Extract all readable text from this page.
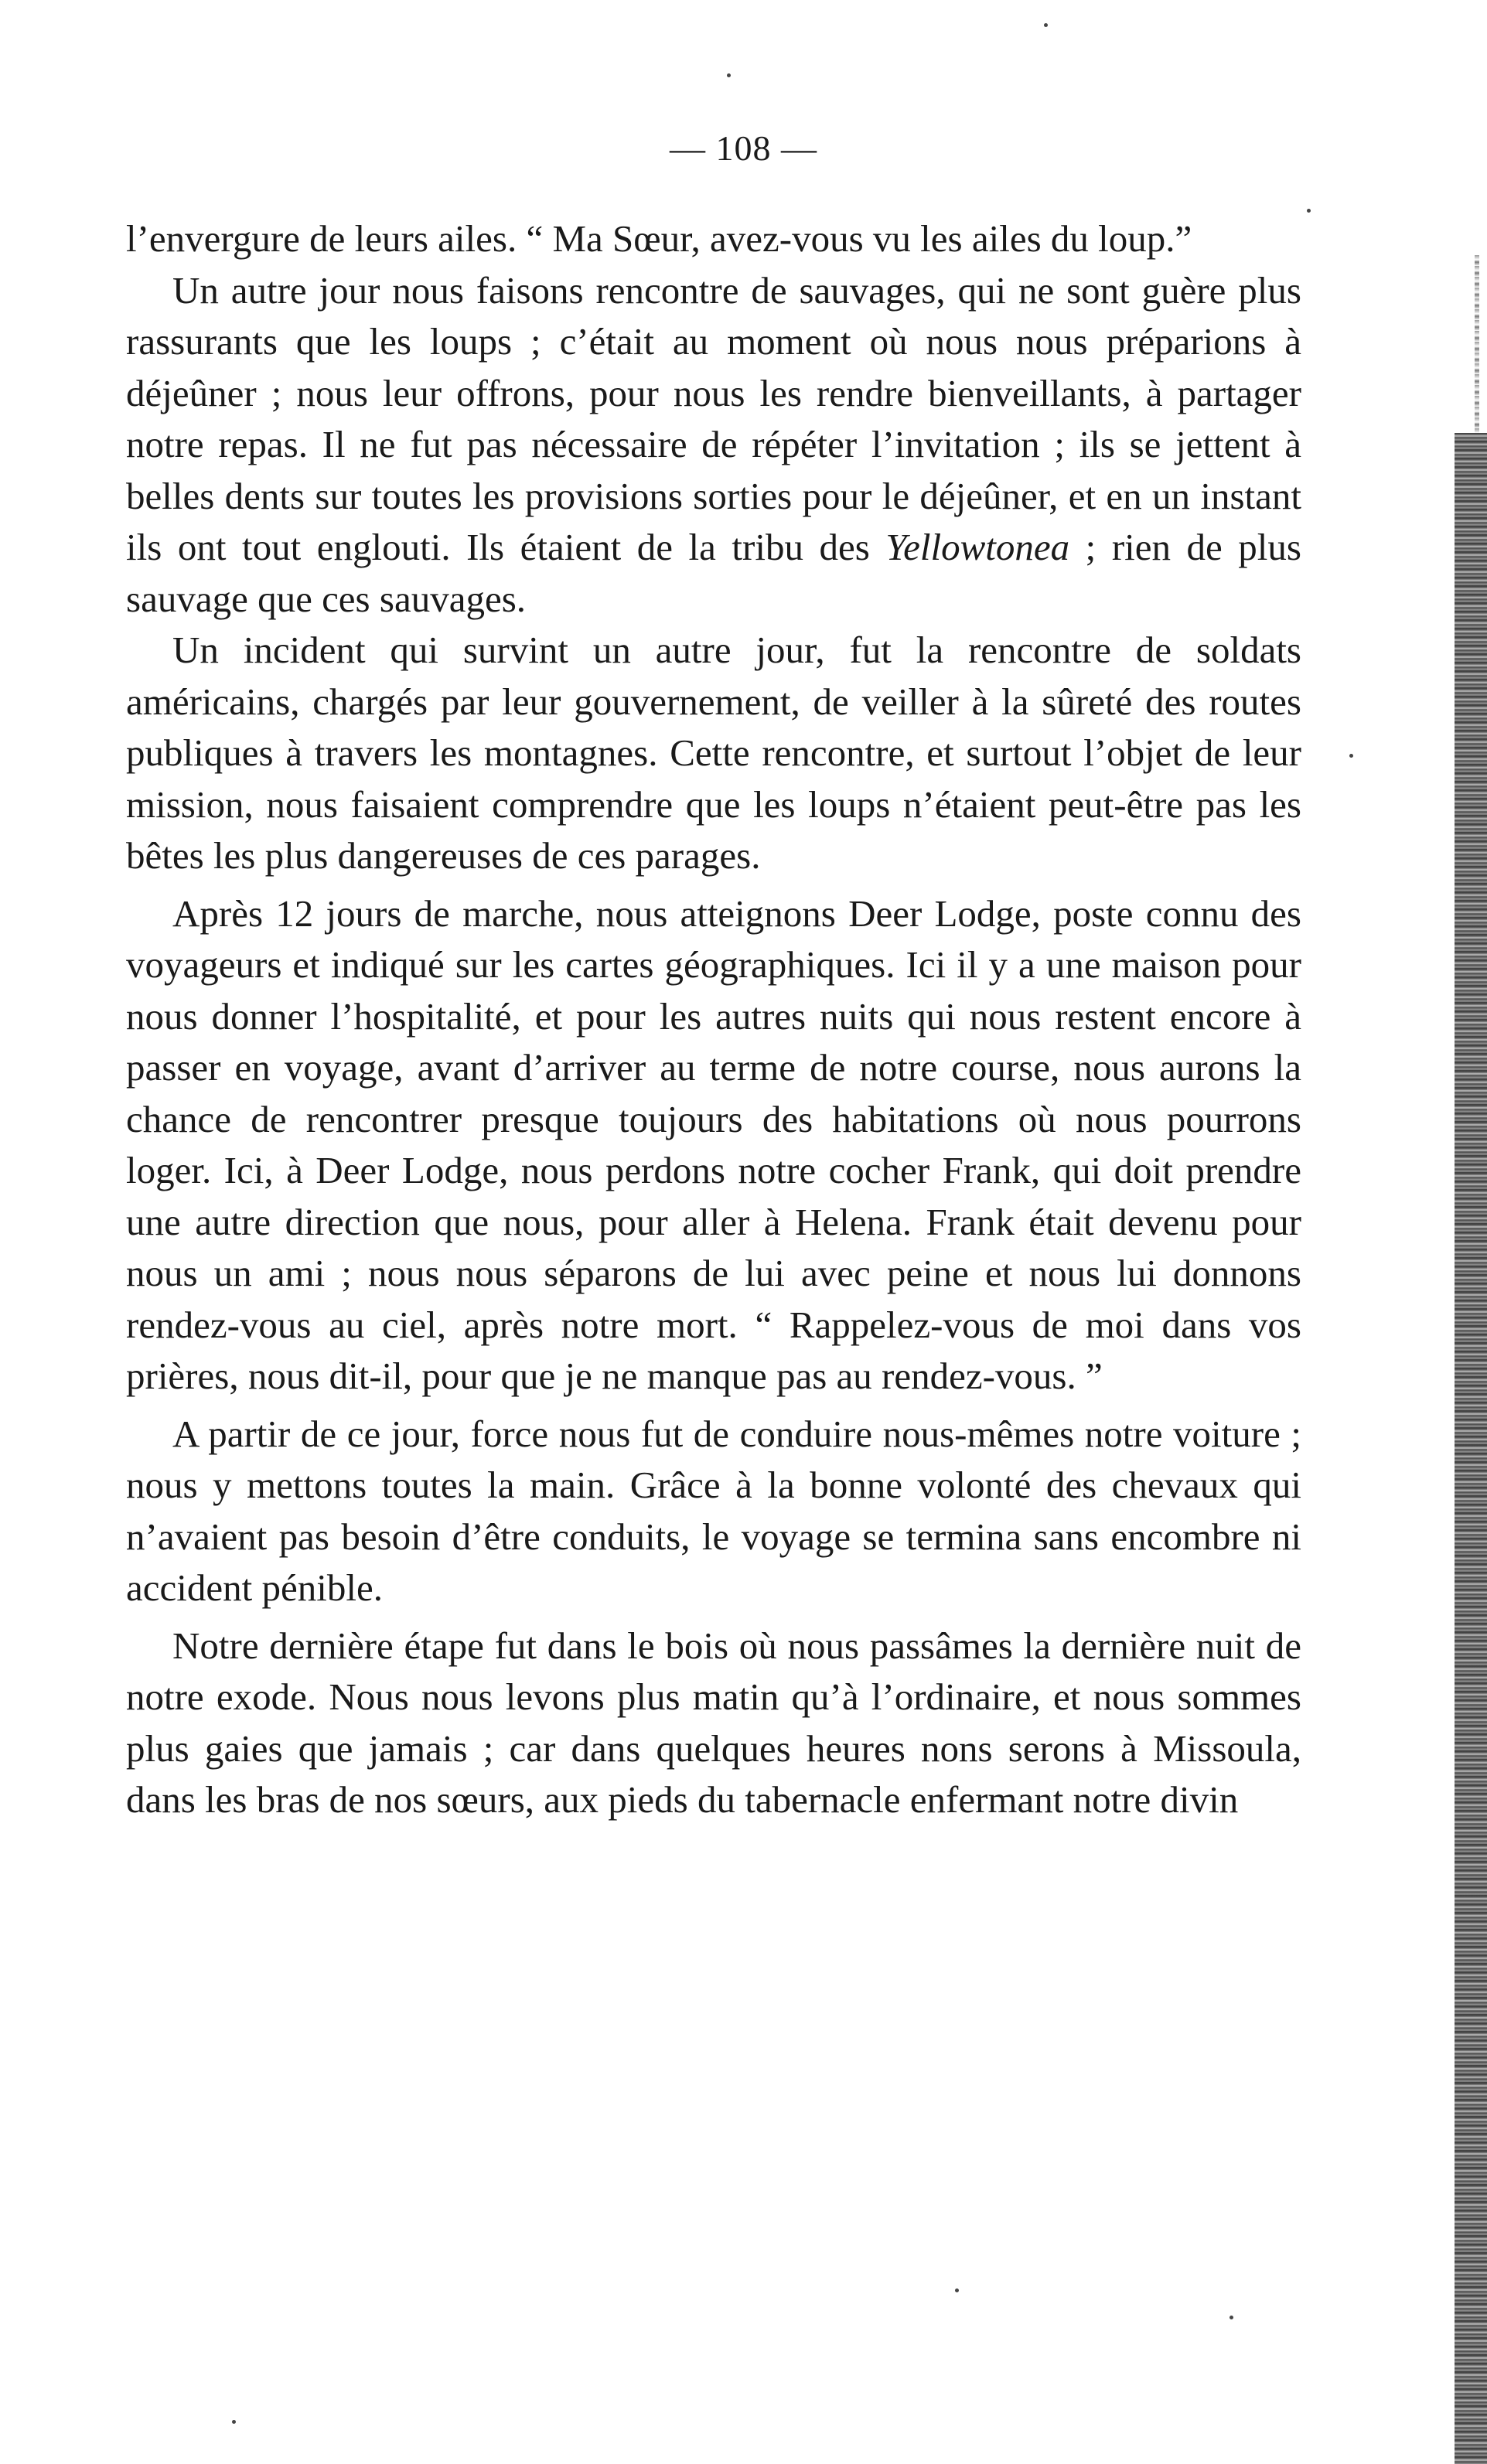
— 108 —

l’envergure de leurs ailes. “ Ma Sœur, avez-vous vu les ailes du loup.”

Un autre jour nous faisons rencontre de sauvages, qui ne sont guère plus rassurants que les loups ; c’était au moment où nous nous préparions à déjeûner ; nous leur offrons, pour nous les rendre bienveillants, à partager notre repas. Il ne fut pas nécessaire de répéter l’invitation ; ils se jettent à belles dents sur toutes les provisions sorties pour le déjeûner, et en un instant ils ont tout englouti. Ils étaient de la tribu des Yellowtonea ; rien de plus sauvage que ces sauvages.

Un incident qui survint un autre jour, fut la rencontre de soldats américains, chargés par leur gouvernement, de veiller à la sûreté des routes publiques à travers les montagnes. Cette rencontre, et surtout l’objet de leur mission, nous faisaient comprendre que les loups n’étaient peut-être pas les bêtes les plus dangereuses de ces parages.

Après 12 jours de marche, nous atteignons Deer Lodge, poste connu des voyageurs et indiqué sur les cartes géographiques. Ici il y a une maison pour nous donner l’hospitalité, et pour les autres nuits qui nous restent encore à passer en voyage, avant d’arriver au terme de notre course, nous aurons la chance de rencontrer presque toujours des habitations où nous pourrons loger. Ici, à Deer Lodge, nous perdons notre cocher Frank, qui doit prendre une autre direction que nous, pour aller à Helena. Frank était devenu pour nous un ami ; nous nous séparons de lui avec peine et nous lui donnons rendez-vous au ciel, après notre mort. “ Rappelez-vous de moi dans vos prières, nous dit-il, pour que je ne manque pas au rendez-vous. ”

A partir de ce jour, force nous fut de conduire nous-mêmes notre voiture ; nous y mettons toutes la main. Grâce à la bonne volonté des chevaux qui n’avaient pas besoin d’être conduits, le voyage se termina sans encombre ni accident pénible.

Notre dernière étape fut dans le bois où nous passâmes la dernière nuit de notre exode. Nous nous levons plus matin qu’à l’ordinaire, et nous sommes plus gaies que jamais ; car dans quelques heures nons serons à Missoula, dans les bras de nos sœurs, aux pieds du tabernacle enfermant notre divin
